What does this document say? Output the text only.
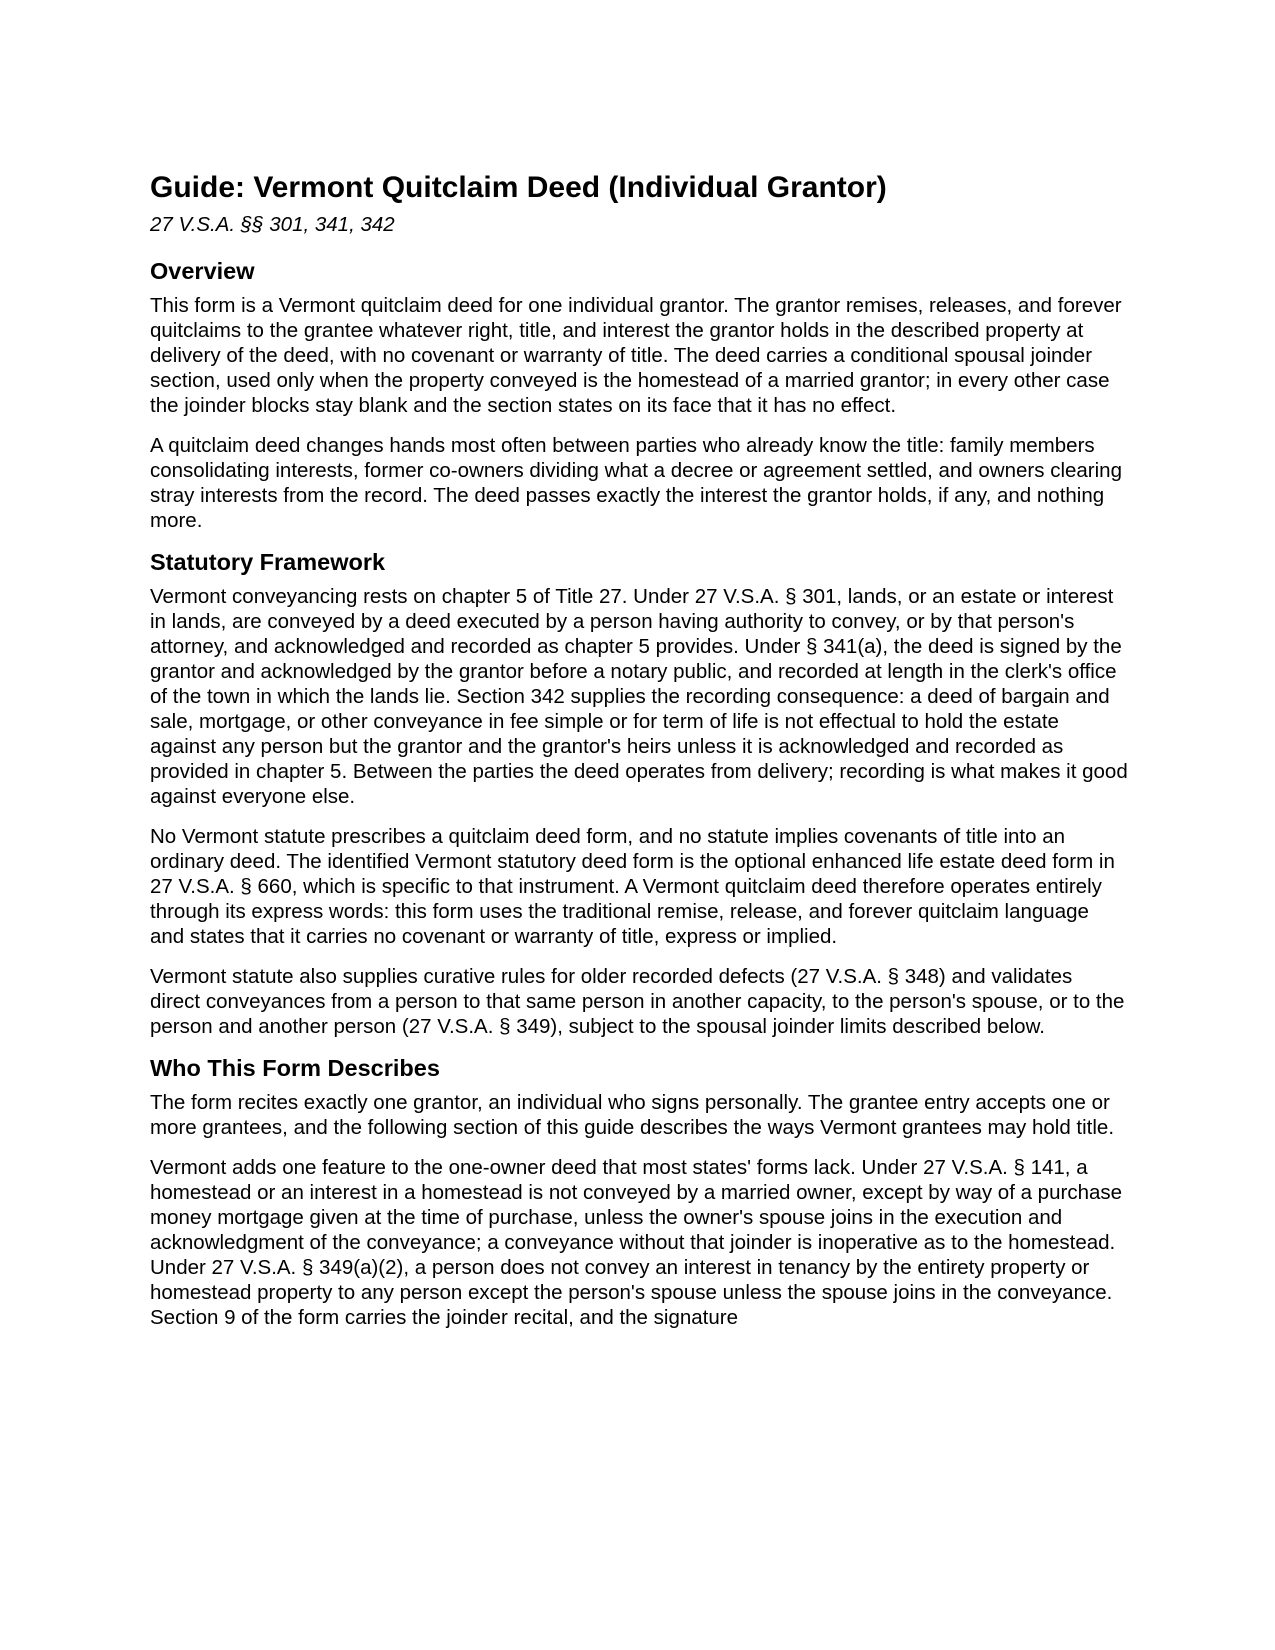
Guide: Vermont Quitclaim Deed (Individual Grantor)
27 V.S.A. §§ 301, 341, 342
Overview

This form is a Vermont quitclaim deed for one individual grantor. The grantor remises, releases, and forever quitclaims to the grantee whatever right, title, and interest the grantor holds in the described property at delivery of the deed, with no covenant or warranty of title. The deed carries a conditional spousal joinder section, used only when the property conveyed is the homestead of a married grantor; in every other case the joinder blocks stay blank and the section states on its face that it has no effect.

A quitclaim deed changes hands most often between parties who already know the title: family members consolidating interests, former co-owners dividing what a decree or agreement settled, and owners clearing stray interests from the record. The deed passes exactly the interest the grantor holds, if any, and nothing more.

Statutory Framework

Vermont conveyancing rests on chapter 5 of Title 27. Under 27 V.S.A. § 301, lands, or an estate or interest in lands, are conveyed by a deed executed by a person having authority to convey, or by that person's attorney, and acknowledged and recorded as chapter 5 provides. Under § 341(a), the deed is signed by the grantor and acknowledged by the grantor before a notary public, and recorded at length in the clerk's office of the town in which the lands lie. Section 342 supplies the recording consequence: a deed of bargain and sale, mortgage, or other conveyance in fee simple or for term of life is not effectual to hold the estate against any person but the grantor and the grantor's heirs unless it is acknowledged and recorded as provided in chapter 5. Between the parties the deed operates from delivery; recording is what makes it good against everyone else.

No Vermont statute prescribes a quitclaim deed form, and no statute implies covenants of title into an ordinary deed. The identified Vermont statutory deed form is the optional enhanced life estate deed form in 27 V.S.A. § 660, which is specific to that instrument. A Vermont quitclaim deed therefore operates entirely through its express words: this form uses the traditional remise, release, and forever quitclaim language and states that it carries no covenant or warranty of title, express or implied.

Vermont statute also supplies curative rules for older recorded defects (27 V.S.A. § 348) and validates direct conveyances from a person to that same person in another capacity, to the person's spouse, or to the person and another person (27 V.S.A. § 349), subject to the spousal joinder limits described below.

Who This Form Describes

The form recites exactly one grantor, an individual who signs personally. The grantee entry accepts one or more grantees, and the following section of this guide describes the ways Vermont grantees may hold title.

Vermont adds one feature to the one-owner deed that most states' forms lack. Under 27 V.S.A. § 141, a homestead or an interest in a homestead is not conveyed by a married owner, except by way of a purchase money mortgage given at the time of purchase, unless the owner's spouse joins in the execution and acknowledgment of the conveyance; a conveyance without that joinder is inoperative as to the homestead. Under 27 V.S.A. § 349(a)(2), a person does not convey an interest in tenancy by the entirety property or homestead property to any person except the person's spouse unless the spouse joins in the conveyance. Section 9 of the form carries the joinder recital, and the signature
